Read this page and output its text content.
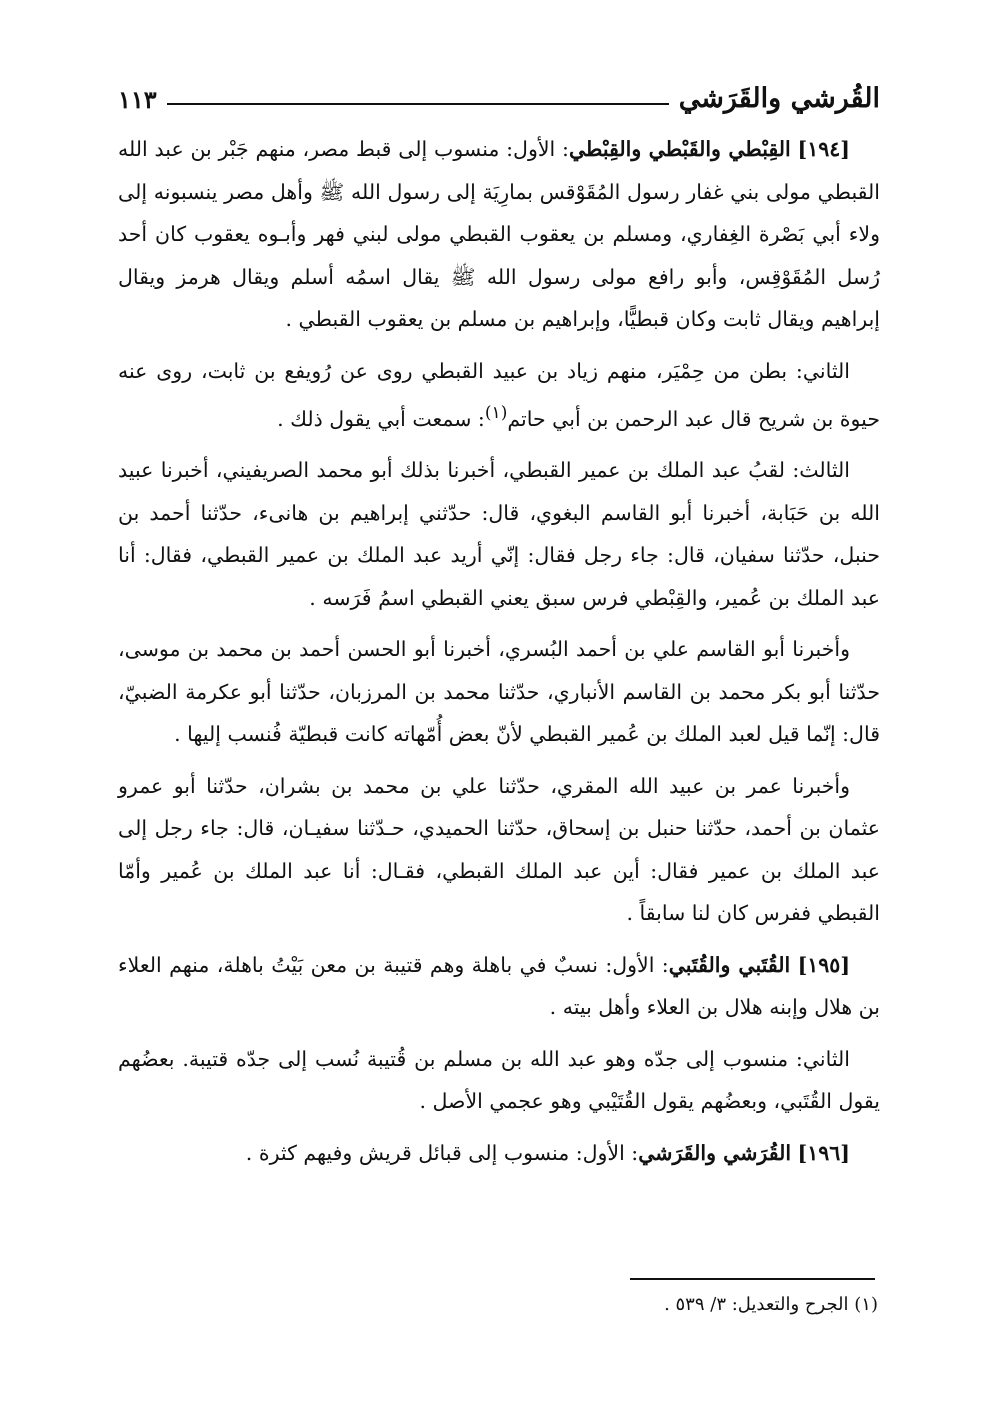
القُرشي والقَرَشي
١١٣

[١٩٤] القِبْطي والقَبْطي والقِبْطي: الأول: منسوب إلى قبط مصر، منهم جَبْر بن عبد الله القبطي مولى بني غفار رسول المُقَوْقس بمارِيَة إلى رسول الله ﷺ وأهل مصر ينسبونه إلى ولاء أبي بَصْرة الغِفاري، ومسلم بن يعقوب القبطي مولى لبني فهر وأبـوه يعقوب كان أحد رُسل المُقَوْقِس، وأبو رافع مولى رسول الله ﷺ يقال اسمُه أسلم ويقال هرمز ويقال إبراهيم ويقال ثابت وكان قبطيًّا، وإبراهيم بن مسلم بن يعقوب القبطي .

الثاني: بطن من حِمْيَر، منهم زياد بن عبيد القبطي روى عن رُويفع بن ثابت، روى عنه حيوة بن شريح قال عبد الرحمن بن أبي حاتم$^{(١)}$: سمعت أبي يقول ذلك .

الثالث: لقبُ عبد الملك بن عمير القبطي، أخبرنا بذلك أبو محمد الصريفيني، أخبرنا عبيد الله بن حَبَابة، أخبرنا أبو القاسم البغوي، قال: حدّثني إبراهيم بن هانىء، حدّثنا أحمد بن حنبل، حدّثنا سفيان، قال: جاء رجل فقال: إنّي أريد عبد الملك بن عمير القبطي، فقال: أنا عبد الملك بن عُمير، والقِبْطي فرس سبق يعني القبطي اسمُ فَرَسه .

وأخبرنا أبو القاسم علي بن أحمد البُسري، أخبرنا أبو الحسن أحمد بن محمد بن موسى، حدّثنا أبو بكر محمد بن القاسم الأنباري، حدّثنا محمد بن المرزبان، حدّثنا أبو عكرمة الضبيّ، قال: إنّما قيل لعبد الملك بن عُمير القبطي لأنّ بعض أُمّهاته كانت قبطيّة فُنسب إليها .

وأخبرنا عمر بن عبيد الله المقري، حدّثنا علي بن محمد بن بشران، حدّثنا أبو عمرو عثمان بن أحمد، حدّثنا حنبل بن إسحاق، حدّثنا الحميدي، حـدّثنا سفيـان، قال: جاء رجل إلى عبد الملك بن عمير فقال: أين عبد الملك القبطي، فقـال: أنا عبد الملك بن عُمير وأمّا القبطي ففرس كان لنا سابقاً .

[١٩٥] القُتَبي والقُتَبي: الأول: نسبٌ في باهلة وهم قتيبة بن معن بَيْتُ باهلة، منهم العلاء بن هلال وإبنه هلال بن العلاء وأهل بيته .

الثاني: منسوب إلى جدّه وهو عبد الله بن مسلم بن قُتيبة نُسب إلى جدّه قتيبة. بعضُهم يقول القُتَبي، وبعضُهم يقول القُتَيْبي وهو عجمي الأصل .

[١٩٦] القُرَشي والقَرَشي: الأول: منسوب إلى قبائل قريش وفيهم كثرة .

(١) الجرح والتعديل: ٣/ ٥٣٩ .
